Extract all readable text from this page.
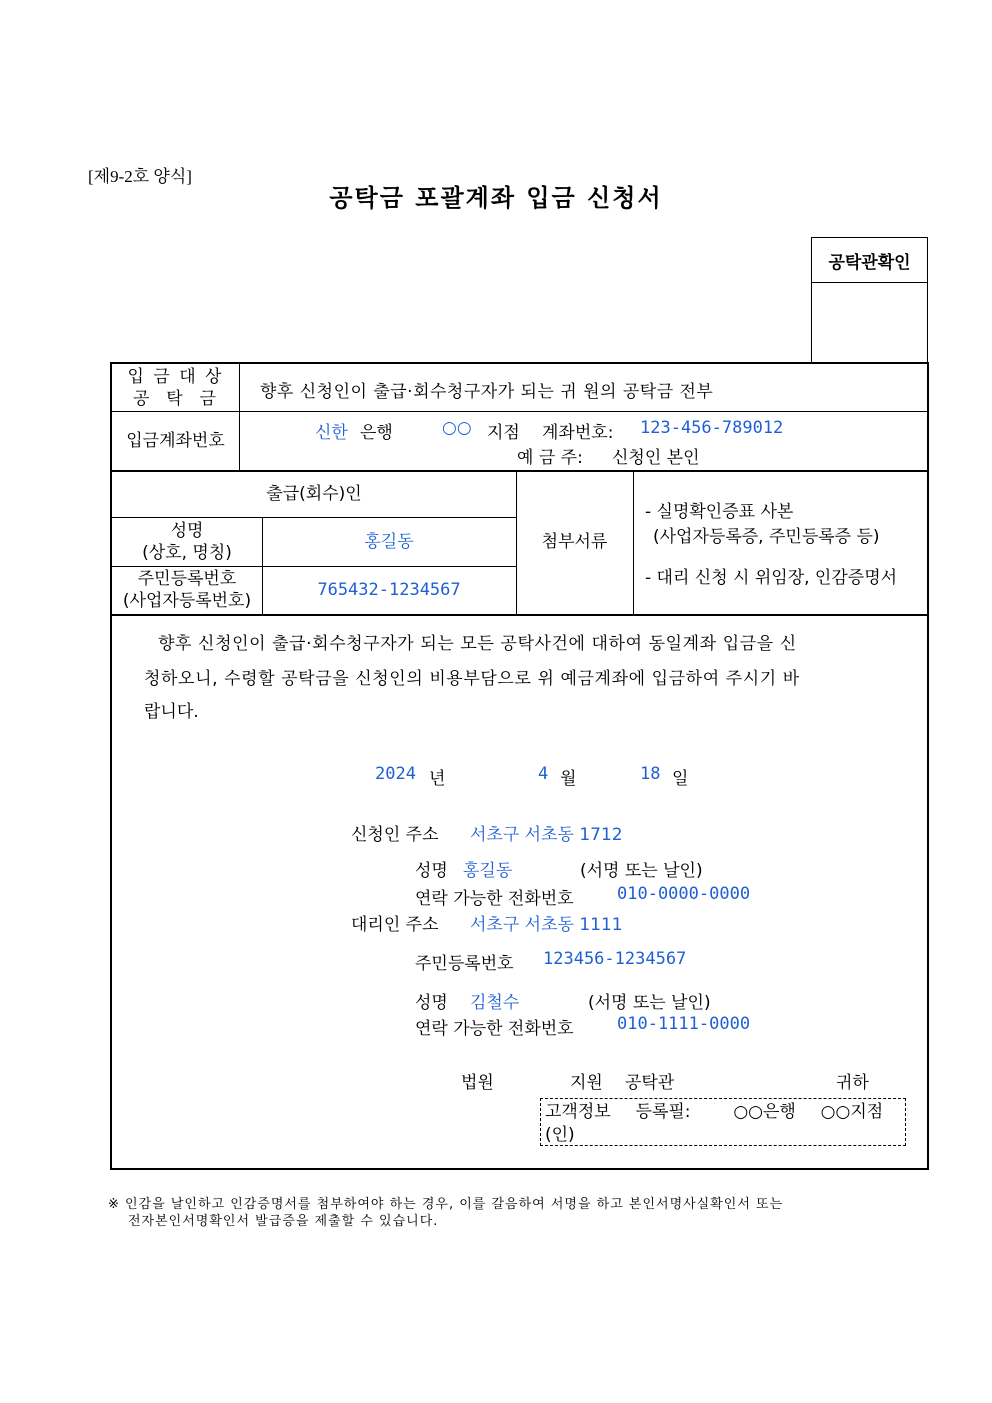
[제9-2호 양식]
공탁금 포괄계좌 입금 신청서
공탁관확인
입 금 대 상
공  탁  금 향후 신청인이 출급·회수청구자가 되는 귀 원의 공탁금 전부
입금계좌번호	신한 은행	○○ 지점 계좌번호: 123-456-789012
예 금 주: 신청인 본인
출급(회수)인
성명
(상호, 명칭)
홍길동
주민등록번호
(사업자등록번호)
765432-1234567
첨부서류
- 실명확인증표 사본
(사업자등록증, 주민등록증 등)
- 대리 신청 시 위임장, 인감증명서
향후 신청인이 출급·회수청구자가 되는 모든 공탁사건에 대하여 동일계좌 입금을 신
청하오니, 수령할 공탁금을 신청인의 비용부담으로 위 예금계좌에 입금하여 주시기 바
랍니다.
2024 년	4 월	18 일
신청인 주소 서초구 서초동 1712
성명 홍길동	(서명 또는 날인)
연락 가능한 전화번호	010-0000-0000
대리인 주소 서초구 서초동 1111
주민등록번호 123456-1234567
성명 김철수	(서명 또는 날인)
연락 가능한 전화번호	010-1111-0000
법원	지원 공탁관	귀하
고객정보 등록필:	○○은행 ○○지점
(인)
※ 인감을 날인하고 인감증명서를 첨부하여야 하는 경우, 이를 갈음하여 서명을 하고 본인서명사실확인서 또는
전자본인서명확인서 발급증을 제출할 수 있습니다.
